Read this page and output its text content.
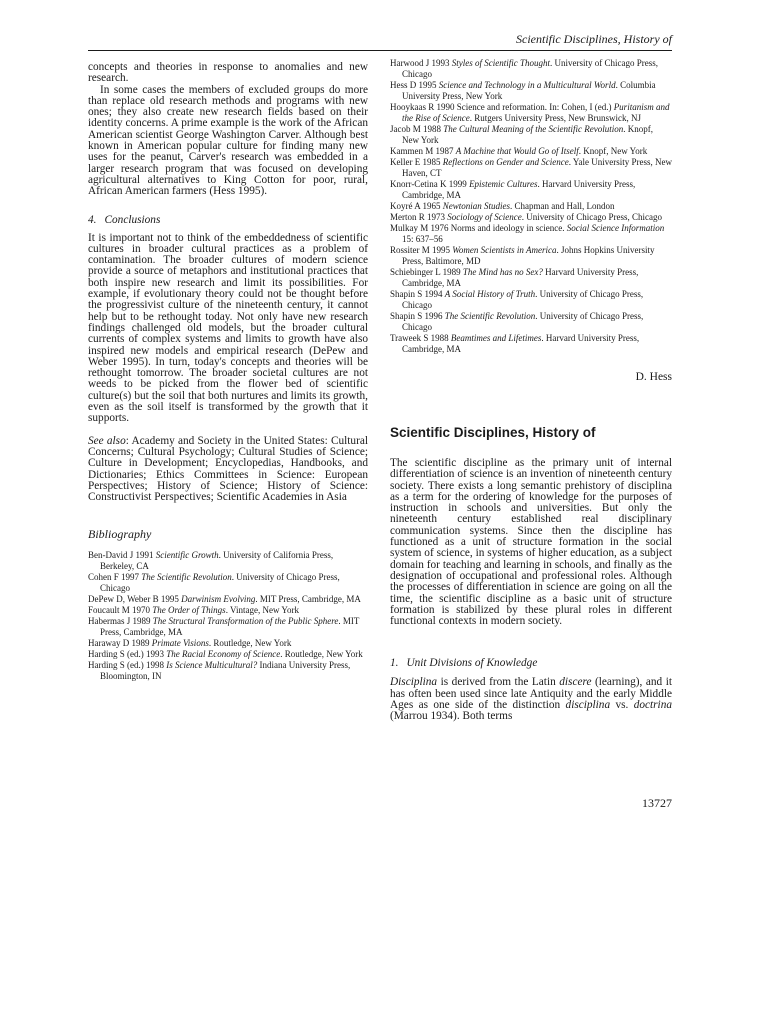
Scientific Disciplines, History of

concepts and theories in response to anomalies and new research.

In some cases the members of excluded groups do more than replace old research methods and programs with new ones; they also create new research fields based on their identity concerns. A prime example is the work of the African American scientist George Washington Carver. Although best known in American popular culture for finding many new uses for the peanut, Carver's research was embedded in a larger research program that was focused on developing agricultural alternatives to King Cotton for poor, rural, African American farmers (Hess 1995).

4. Conclusions

It is important not to think of the embeddedness of scientific cultures in broader cultural practices as a problem of contamination. The broader cultures of modern science provide a source of metaphors and institutional practices that both inspire new research and limit its possibilities. For example, if evolutionary theory could not be thought before the progressivist culture of the nineteenth century, it cannot help but to be rethought today. Not only have new research findings challenged old models, but the broader cultural currents of complex systems and limits to growth have also inspired new models and empirical research (DePew and Weber 1995). In turn, today's concepts and theories will be rethought tomorrow. The broader societal cultures are not weeds to be picked from the flower bed of scientific culture(s) but the soil that both nurtures and limits its growth, even as the soil itself is transformed by the growth that it supports.

See also: Academy and Society in the United States: Cultural Concerns; Cultural Psychology; Cultural Studies of Science; Culture in Development; Encyclopedias, Handbooks, and Dictionaries; Ethics Committees in Science: European Perspectives; History of Science; History of Science: Constructivist Perspectives; Scientific Academies in Asia

Bibliography
Ben-David J 1991 Scientific Growth. University of California Press, Berkeley, CA
Cohen F 1997 The Scientific Revolution. University of Chicago Press, Chicago
DePew D, Weber B 1995 Darwinism Evolving. MIT Press, Cambridge, MA
Foucault M 1970 The Order of Things. Vintage, New York
Habermas J 1989 The Structural Transformation of the Public Sphere. MIT Press, Cambridge, MA
Haraway D 1989 Primate Visions. Routledge, New York
Harding S (ed.) 1993 The Racial Economy of Science. Routledge, New York
Harding S (ed.) 1998 Is Science Multicultural? Indiana University Press, Bloomington, IN
Harwood J 1993 Styles of Scientific Thought. University of Chicago Press, Chicago
Hess D 1995 Science and Technology in a Multicultural World. Columbia University Press, New York
Hooykaas R 1990 Science and reformation. In: Cohen, I (ed.) Puritanism and the Rise of Science. Rutgers University Press, New Brunswick, NJ
Jacob M 1988 The Cultural Meaning of the Scientific Revolution. Knopf, New York
Kammen M 1987 A Machine that Would Go of Itself. Knopf, New York
Keller E 1985 Reflections on Gender and Science. Yale University Press, New Haven, CT
Knorr-Cetina K 1999 Epistemic Cultures. Harvard University Press, Cambridge, MA
Koyré A 1965 Newtonian Studies. Chapman and Hall, London
Merton R 1973 Sociology of Science. University of Chicago Press, Chicago
Mulkay M 1976 Norms and ideology in science. Social Science Information 15: 637–56
Rossiter M 1995 Women Scientists in America. Johns Hopkins University Press, Baltimore, MD
Schiebinger L 1989 The Mind has no Sex? Harvard University Press, Cambridge, MA
Shapin S 1994 A Social History of Truth. University of Chicago Press, Chicago
Shapin S 1996 The Scientific Revolution. University of Chicago Press, Chicago
Traweek S 1988 Beamtimes and Lifetimes. Harvard University Press, Cambridge, MA
D. Hess
Scientific Disciplines, History of

The scientific discipline as the primary unit of internal differentiation of science is an invention of nineteenth century society. There exists a long semantic prehistory of disciplina as a term for the ordering of knowledge for the purposes of instruction in schools and universities. But only the nineteenth century established real disciplinary communication systems. Since then the discipline has functioned as a unit of structure formation in the social system of science, in systems of higher education, as a subject domain for teaching and learning in schools, and finally as the designation of occupational and professional roles. Although the processes of differentiation in science are going on all the time, the scientific discipline as a basic unit of structure formation is stabilized by these plural roles in different functional contexts in modern society.

1. Unit Divisions of Knowledge

Disciplina is derived from the Latin discere (learning), and it has often been used since late Antiquity and the early Middle Ages as one side of the distinction disciplina vs. doctrina (Marrou 1934). Both terms

13727
